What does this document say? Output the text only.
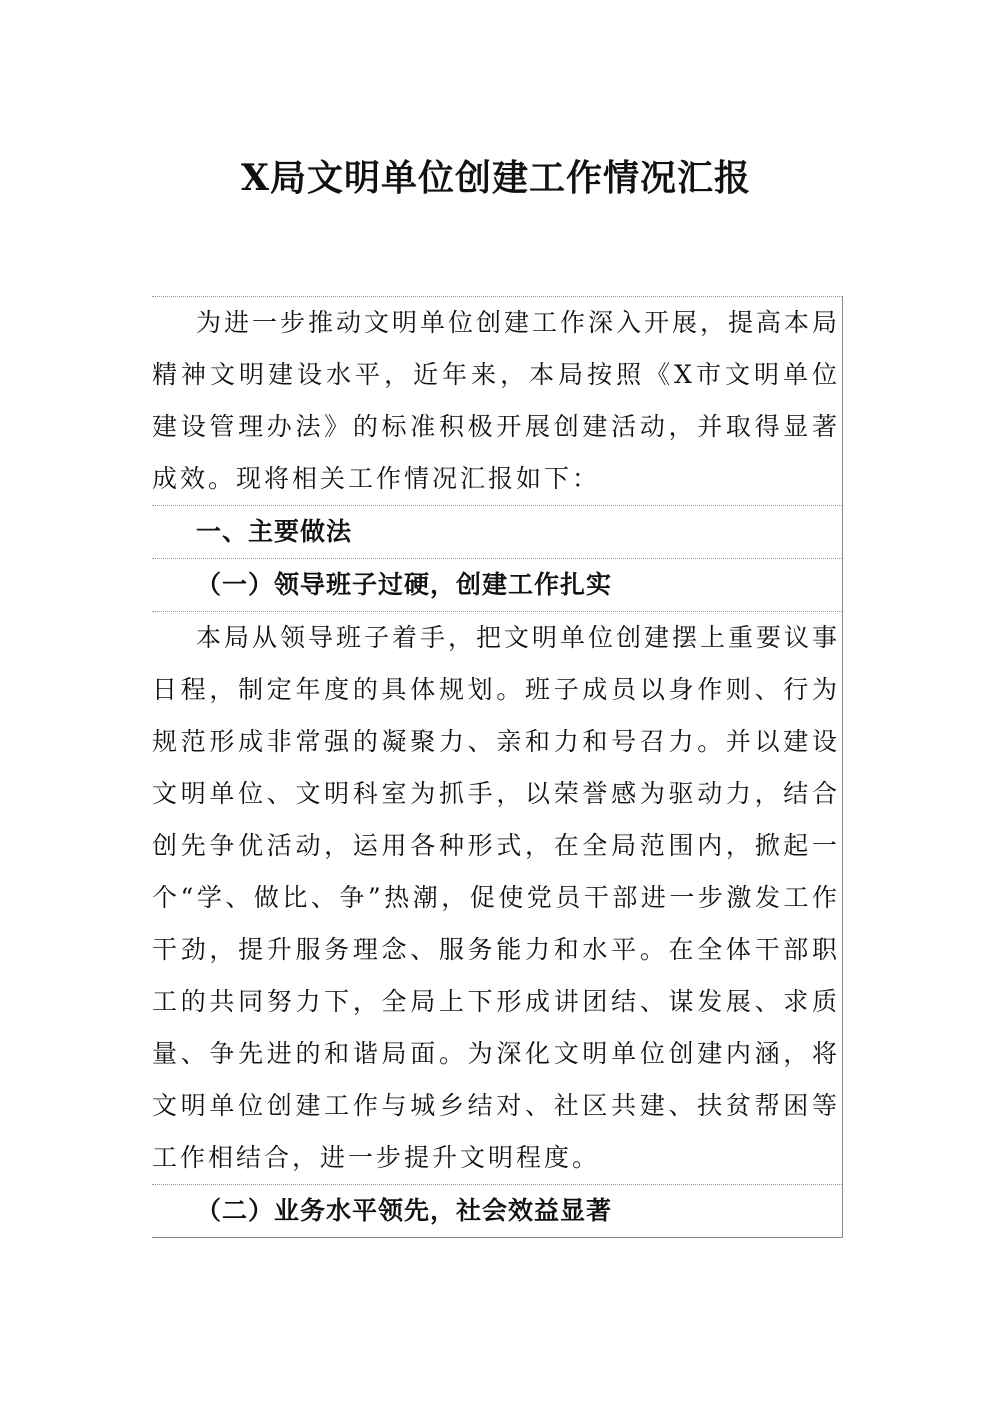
X局文明单位创建工作情况汇报
为进一步推动文明单位创建工作深入开展，提高本局精神文明建设水平，近年来，本局按照《X市文明单位建设管理办法》的标准积极开展创建活动，并取得显著成效。现将相关工作情况汇报如下：
一、主要做法
（一）领导班子过硬，创建工作扎实
本局从领导班子着手，把文明单位创建摆上重要议事日程，制定年度的具体规划。班子成员以身作则、行为规范形成非常强的凝聚力、亲和力和号召力。并以建设文明单位、文明科室为抓手，以荣誉感为驱动力，结合创先争优活动，运用各种形式，在全局范围内，掀起一个“学、做比、争”热潮，促使党员干部进一步激发工作干劲，提升服务理念、服务能力和水平。在全体干部职工的共同努力下，全局上下形成讲团结、谋发展、求质量、争先进的和谐局面。为深化文明单位创建内涵，将文明单位创建工作与城乡结对、社区共建、扶贫帮困等工作相结合，进一步提升文明程度。
（二）业务水平领先，社会效益显著
